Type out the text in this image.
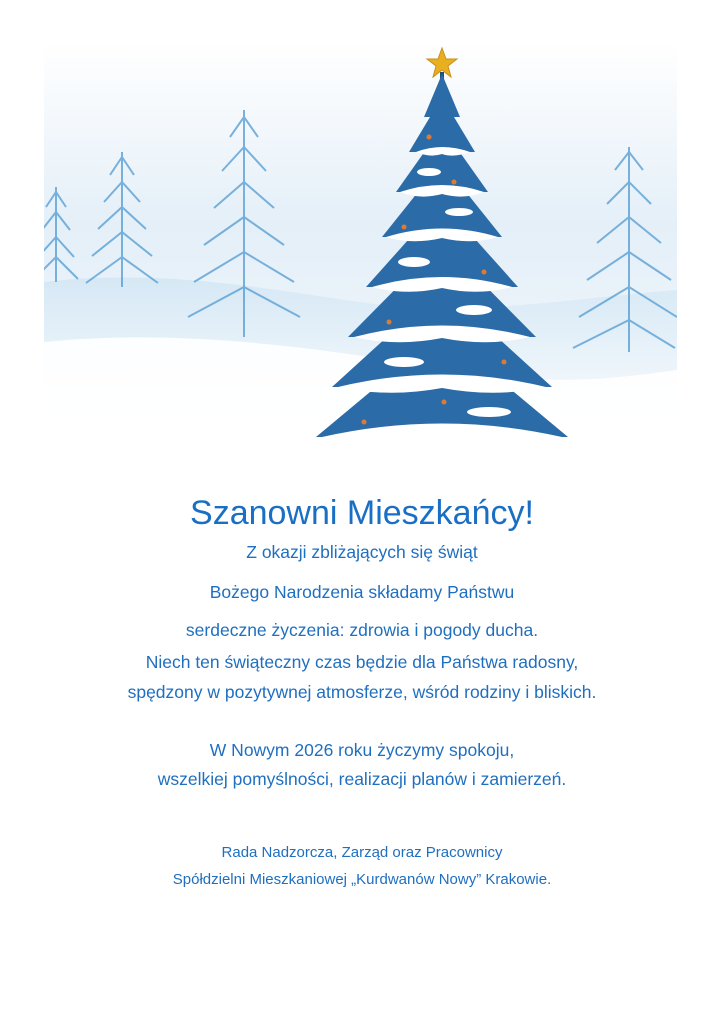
Szanowni Mieszkańcy!
Z okazji zbliżających się świąt
Bożego Narodzenia składamy Państwu
serdeczne życzenia: zdrowia i pogody ducha.
Niech ten świąteczny czas będzie dla Państwa radosny,
spędzony w pozytywnej atmosferze, wśród rodziny i bliskich.
W Nowym 2026 roku życzymy spokoju,
wszelkiej pomyślności, realizacji planów i zamierzeń.
Rada Nadzorcza, Zarząd oraz Pracownicy
Spółdzielni Mieszkaniowej „Kurdwanów Nowy” Krakowie.
